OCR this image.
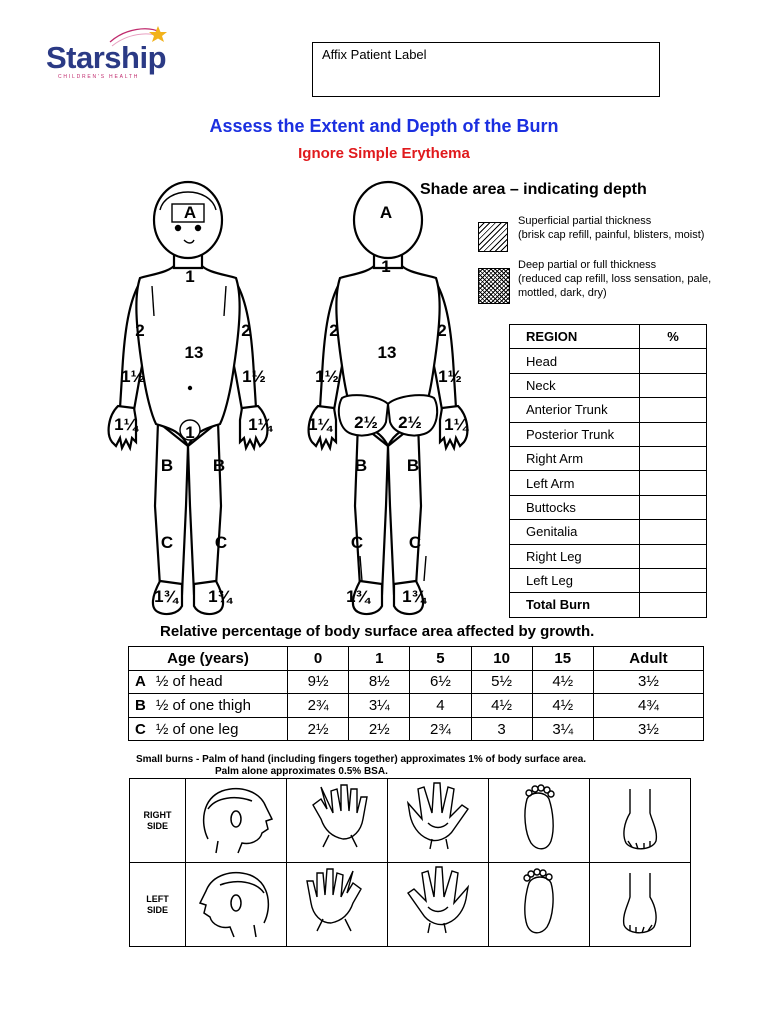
Starship
CHILDREN'S HEALTH
Affix Patient Label
Assess the Extent and Depth of the Burn
Ignore Simple Erythema
A
1
2	2
13
1½	1½
1¼	1¼
1
B B
C C
1¾ 1¾
A
1
2	2
13
1½	1½
1¼	1¼
2½ 2½
B B
C	C
1¾ 1¾
Shade area – indicating depth
Superficial partial thickness
(brisk cap refill, painful, blisters, moist)
Deep partial or full thickness
(reduced cap refill, loss sensation, pale,
mottled, dark, dry)
REGION	%
Head	
Neck	
Anterior Trunk	
Posterior Trunk	
Right Arm	
Left Arm	
Buttocks	
Genitalia	
Right Leg	
Left Leg	
Total Burn	
Relative percentage of body surface area affected by growth.
Age (years)	0	1	5	10	15	Adult
A ½ of head	9½	8½	6½	5½	4½	3½
B ½ of one thigh	2¾	3¼	4	4½	4½	4¾
C ½ of one leg	2½	2½	2¾	3	3¼	3½
Small burns - Palm of hand (including fingers together) approximates 1% of body surface area.
Palm alone approximates 0.5% BSA.
RIGHT
SIDE

LEFT
SIDE
